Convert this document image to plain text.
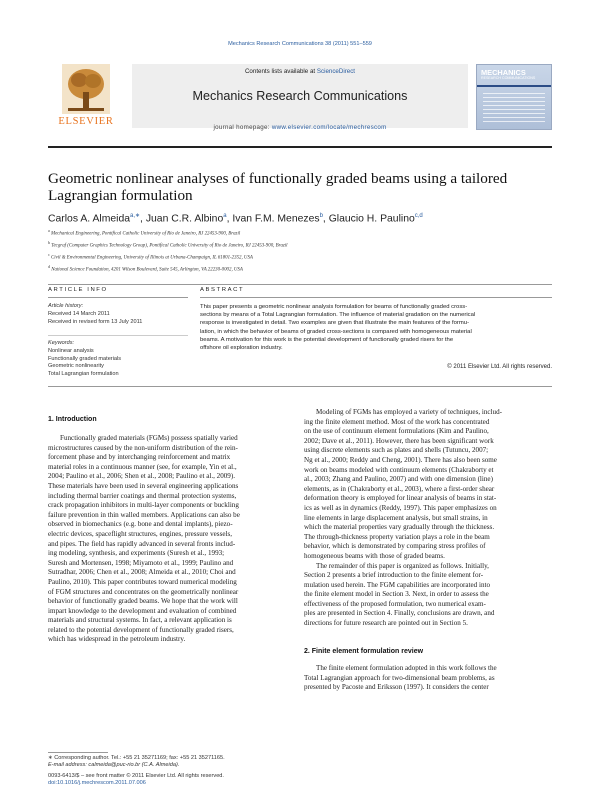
Mechanics Research Communications 38 (2011) 551–559
ELSEVIER
Contents lists available at ScienceDirect
Mechanics Research Communications
journal homepage: www.elsevier.com/locate/mechrescom
MECHANICS
RESEARCH COMMUNICATIONS
Geometric nonlinear analyses of functionally graded beams using a tailored
Lagrangian formulation
Carlos A. Almeida$^{a,∗}$, Juan C.R. Albino$^a$, Ivan F.M. Menezes$^b$, Glaucio H. Paulino$^{c,d}$
$^a$ Mechanical Engineering, Pontifical Catholic University of Rio de Janeiro, RJ 22453-900, Brazil
$^b$ Tecgraf (Computer Graphics Technology Group), Pontifical Catholic University of Rio de Janeiro, RJ 22453-900, Brazil
$^c$ Civil & Environmental Engineering, University of Illinois at Urbana-Champaign, IL 61801-2352, USA
$^d$ National Science Foundation, 4201 Wilson Boulevard, Suite 545, Arlington, VA 22230-0002, USA
ARTICLE INFO	ABSTRACT
Article history:
Received 14 March 2011
Received in revised form 13 July 2011
Keywords:
Nonlinear analysis
Functionally graded materials
Geometric nonlinearity
Total Lagrangian formulation
This paper presents a geometric nonlinear analysis formulation for beams of functionally graded cross-
sections by means of a Total Lagrangian formulation. The influence of material gradation on the numerical
response is investigated in detail. Two examples are given that illustrate the main features of the formu-
lation, in which the behavior of beams of graded cross-sections is compared with homogeneous material
beams. A motivation for this work is the potential development of functionally graded risers for the
offshore oil exploration industry.
© 2011 Elsevier Ltd. All rights reserved.
1. Introduction
Functionally graded materials (FGMs) possess spatially varied
microstructures caused by the non-uniform distribution of the rein-
forcement phase and by interchanging reinforcement and matrix
material roles in a continuous manner (see, for example, Yin et al.,
2004; Paulino et al., 2006; Shen et al., 2008; Paulino et al., 2009).
These materials have been used in several engineering applications
including thermal barrier coatings and thermal protection systems,
crack propagation inhibitors in multi-layer components or buckling
failure prevention in thin walled members. Applications can also be
observed in biomechanics (e.g. bone and dental implants), piezo-
electric devices, spaceflight structures, engines, pressure vessels,
and pipes. The field has rapidly advanced in several fronts includ-
ing modeling, synthesis, and experiments (Suresh et al., 1993;
Suresh and Mortensen, 1998; Miyamoto et al., 1999; Paulino and
Sutradhar, 2006; Chen et al., 2008; Almeida et al., 2010; Choi and
Paulino, 2010). This paper contributes toward numerical modeling
of FGM structures and concentrates on the geometrically nonlinear
behavior of functionally graded beams. We hope that the work will
impart knowledge to the development and evaluation of combined
materials and structural systems. In fact, a relevant application is
related to the potential development of functionally graded risers,
which has widespread in the petroleum industry.
∗ Corresponding author. Tel.: +55 21 35271169; fax: +55 21 35271165.
E-mail address: calmeida@puc-rio.br (C.A. Almeida).
0093-6413/$ – see front matter © 2011 Elsevier Ltd. All rights reserved.
doi:10.1016/j.mechrescom.2011.07.006
Modeling of FGMs has employed a variety of techniques, includ-
ing the finite element method. Most of the work has concentrated
on the use of continuum element formulations (Kim and Paulino,
2002; Dave et al., 2011). However, there has been significant work
using discrete elements such as plates and shells (Tutuncu, 2007;
Ng et al., 2000; Reddy and Cheng, 2001). There has also been some
work on beams modeled with continuum elements (Chakraborty et
al., 2003; Zhang and Paulino, 2007) and with one dimension (line)
elements, as in (Chakraborty et al., 2003), where a first-order shear
deformation theory is employed for linear analysis of beams in stat-
ics as well as in dynamics (Reddy, 1997). This paper emphasizes on
line elements in large displacement analysis, but small strains, in
which the material properties vary gradually through the thickness.
The through-thickness property variation plays a role in the beam
behavior, which is demonstrated by comparing stress profiles of
homogeneous beams with those of graded beams.
The remainder of this paper is organized as follows. Initially,
Section 2 presents a brief introduction to the finite element for-
mulation used herein. The FGM capabilities are incorporated into
the finite element model in Section 3. Next, in order to assess the
effectiveness of the proposed formulation, two numerical exam-
ples are presented in Section 4. Finally, conclusions are drawn, and
directions for future research are pointed out in Section 5.
2. Finite element formulation review
The finite element formulation adopted in this work follows the
Total Lagrangian approach for two-dimensional beam problems, as
presented by Pacoste and Eriksson (1997). It considers the center
